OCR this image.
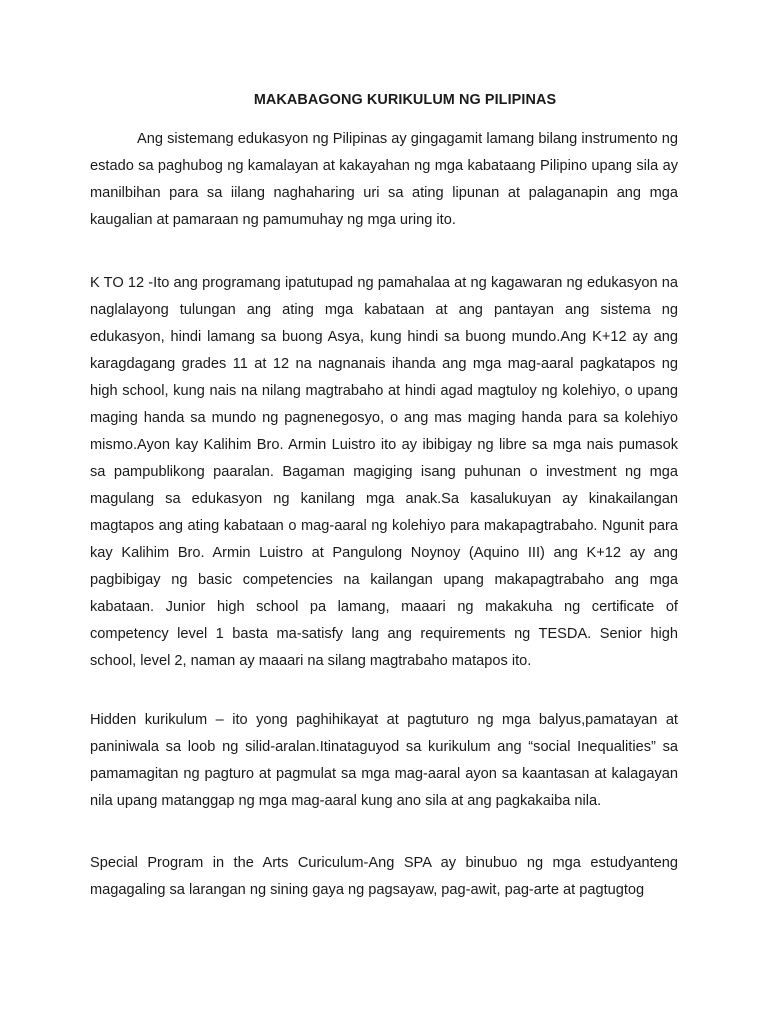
MAKABAGONG KURIKULUM NG PILIPINAS

Ang sistemang edukasyon ng Pilipinas ay gingagamit lamang bilang instrumento ng estado sa paghubog ng kamalayan at kakayahan ng mga kabataang Pilipino upang sila ay manilbihan para sa iilang naghaharing uri sa ating lipunan at palaganapin ang mga kaugalian at pamaraan ng pamumuhay ng mga uring ito.

K TO 12 -Ito ang programang ipatutupad ng pamahalaa at ng kagawaran ng edukasyon na naglalayong tulungan ang ating mga kabataan at ang pantayan ang sistema ng edukasyon, hindi lamang sa buong Asya, kung hindi sa buong mundo.Ang K+12 ay ang karagdagang grades 11 at 12 na nagnanais ihanda ang mga mag-aaral pagkatapos ng high school, kung nais na nilang magtrabaho at hindi agad magtuloy ng kolehiyo, o upang maging handa sa mundo ng pagnenegosyo, o ang mas maging handa para sa kolehiyo mismo.Ayon kay Kalihim Bro. Armin Luistro ito ay ibibigay ng libre sa mga nais pumasok sa pampublikong paaralan. Bagaman magiging isang puhunan o investment ng mga magulang sa edukasyon ng kanilang mga anak.Sa kasalukuyan ay kinakailangan magtapos ang ating kabataan o mag-aaral ng kolehiyo para makapagtrabaho. Ngunit para kay Kalihim Bro. Armin Luistro at Pangulong Noynoy (Aquino III) ang K+12 ay ang pagbibigay ng basic competencies na kailangan upang makapagtrabaho ang mga kabataan. Junior high school pa lamang, maaari ng makakuha ng certificate of competency level 1 basta ma-satisfy lang ang requirements ng TESDA. Senior high school, level 2, naman ay maaari na silang magtrabaho matapos ito.

Hidden kurikulum – ito yong paghihikayat at pagtuturo ng mga balyus,pamatayan at paniniwala sa loob ng silid-aralan.Itinataguyod sa kurikulum ang “social Inequalities” sa pamamagitan ng pagturo at pagmulat sa mga mag-aaral ayon sa kaantasan at kalagayan nila upang matanggap ng mga mag-aaral kung ano sila at ang pagkakaiba nila.

Special Program in the Arts Curiculum-Ang SPA ay binubuo ng mga estudyanteng magagaling sa larangan ng sining gaya ng pagsayaw, pag-awit, pag-arte at pagtugtog
